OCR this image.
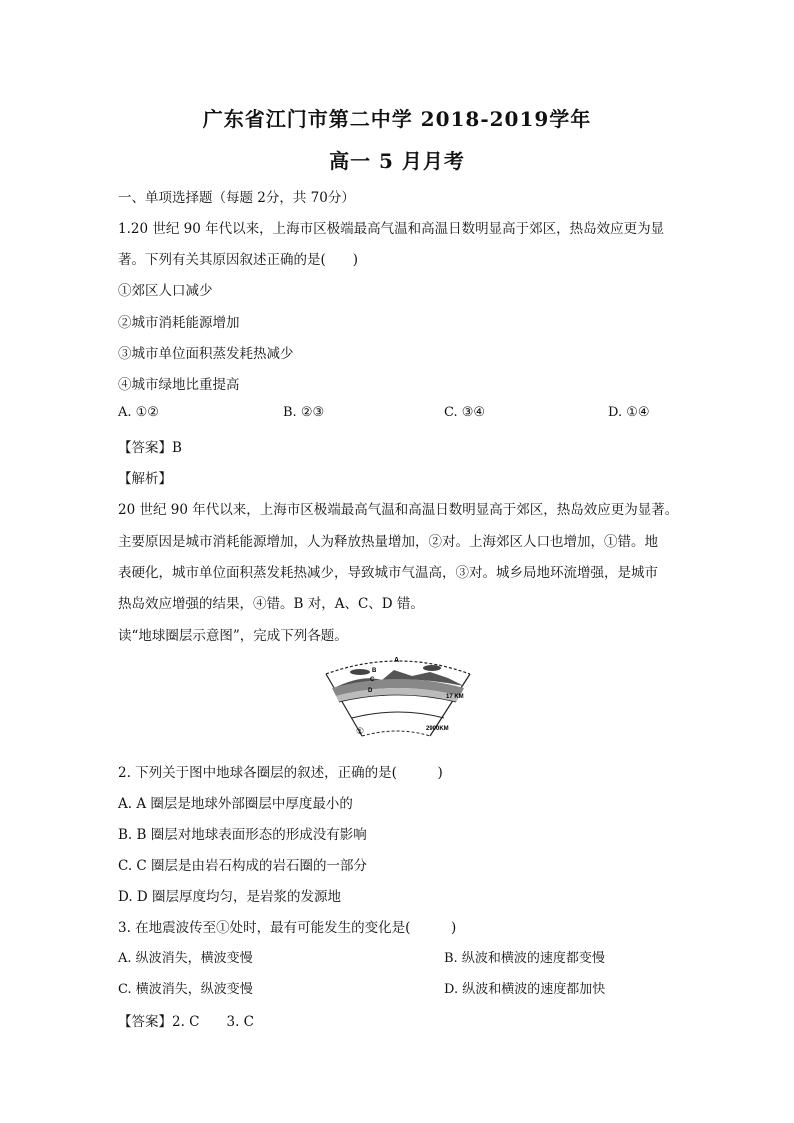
广东省江门市第二中学 2018-2019学年
高一 5 月月考
一、单项选择题（每题 2分，共 70分）
1.20 世纪 90 年代以来，上海市区极端最高气温和高温日数明显高于郊区，热岛效应更为显
著。下列有关其原因叙述正确的是(　　)
①郊区人口减少
②城市消耗能源增加
③城市单位面积蒸发耗热减少
④城市绿地比重提高
A. ①②	B. ②③	C. ③④	D. ①④
【答案】B
【解析】
20 世纪 90 年代以来，上海市区极端最高气温和高温日数明显高于郊区，热岛效应更为显著。
主要原因是城市消耗能源增加，人为释放热量增加，②对。上海郊区人口也增加，①错。地
表硬化，城市单位面积蒸发耗热减少，导致城市气温高，③对。城乡局地环流增强，是城市
热岛效应增强的结果，④错。B 对，A、C、D 错。
读“地球圈层示意图”，完成下列各题。
A
B
C
D
17 KM
2900KM
①
2. 下列关于图中地球各圈层的叙述，正确的是(　　　)
A. A 圈层是地球外部圈层中厚度最小的
B. B 圈层对地球表面形态的形成没有影响
C. C 圈层是由岩石构成的岩石圈的一部分
D. D 圈层厚度均匀，是岩浆的发源地
3. 在地震波传至①处时，最有可能发生的变化是(　　　)
A. 纵波消失，横波变慢	B. 纵波和横波的速度都变慢
C. 横波消失，纵波变慢	D. 纵波和横波的速度都加快
【答案】2. C　　3. C
